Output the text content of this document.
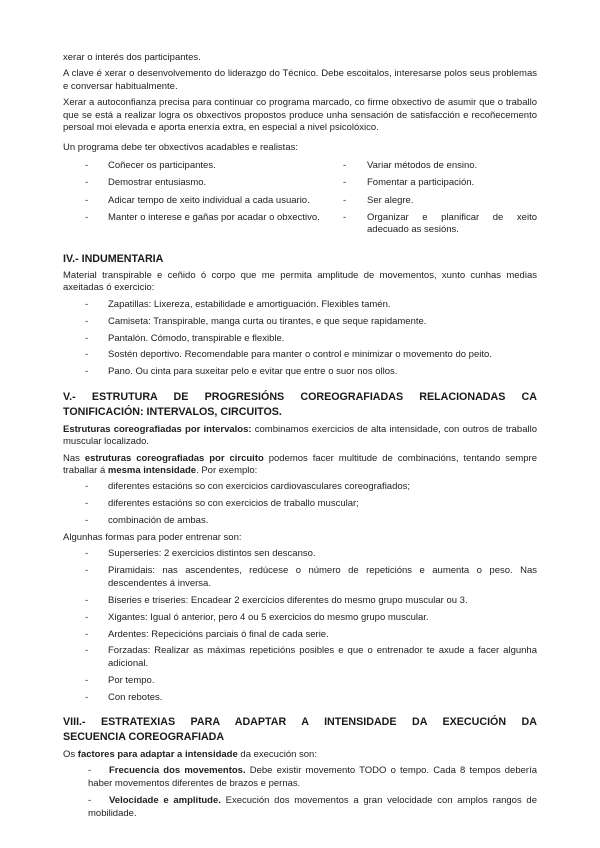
xerar o interés dos participantes.

A clave é xerar o desenvolvemento do liderazgo do Técnico. Debe escoitalos, interesarse polos seus problemas e conversar habitualmente.

Xerar a autoconfianza precisa para continuar co programa marcado, co firme obxectivo de asumir que o traballo que se está a realizar logra os obxectivos propostos produce unha sensación de satisfacción e recoñecemento persoal moi elevada e aporta enerxía extra, en especial a nivel psicolóxico.

Un programa debe ter obxectivos acadables e realistas:

- Coñecer os participantes.
- Demostrar entusiasmo.
- Adicar tempo de xeito individual a cada usuario.
- Manter o interese e gañas por acadar o obxectivo.
- Variar métodos de ensino.
- Fomentar a participación.
- Ser alegre.
- Organizar e planificar de xeito adecuado as sesións.
IV.- INDUMENTARIA

Material transpirable e ceñido ó corpo que me permita amplitude de movementos, xunto cunhas medias axeitadas ó exercicio:

- Zapatillas: Lixereza, estabilidade e amortiguación. Flexibles tamén.
- Camiseta: Transpirable, manga curta ou tirantes, e que seque rapidamente.
- Pantalón. Cómodo, transpirable e flexible.
- Sostén deportivo. Recomendable para manter o control e minimizar o movemento do peito.
- Pano. Ou cinta para suxeitar pelo e evitar que entre o suor nos ollos.
V.- ESTRUTURA DE PROGRESIÓNS COREOGRAFIADAS RELACIONADAS CA
TONIFICACIÓN: INTERVALOS, CIRCUITOS.

Estruturas coreografiadas por intervalos: combinamos exercicios de alta intensidade, con outros de traballo muscular localizado.

Nas estruturas coreografiadas por circuito podemos facer multitude de combinacións, tentando sempre traballar á mesma intensidade. Por exemplo:

- diferentes estacións so con exercicios cardiovasculares coreografiados;
- diferentes estacións so con exercicios de traballo muscular;
- combinación de ambas.

Algunhas formas para poder entrenar son:

- Superseries: 2 exercicios distintos sen descanso.
- Piramidais: nas ascendentes, redúcese o número de repeticións e aumenta o peso. Nas descendentes á inversa.
- Biseries e triseries: Encadear 2 exercicios diferentes do mesmo grupo muscular ou 3.
- Xigantes: Igual ó anterior, pero 4 ou 5 exercicios do mesmo grupo muscular.
- Ardentes: Repecicións parciais ó final de cada serie.
- Forzadas: Realizar as máximas repeticións posibles e que o entrenador te axude a facer algunha adicional.
- Por tempo.
- Con rebotes.
VIII.- ESTRATEXIAS PARA ADAPTAR A INTENSIDADE DA EXECUCIÓN DA
SECUENCIA COREOGRAFIADA

Os factores para adaptar a intensidade da execución son:

- Frecuencia dos movementos. Debe existir movemento TODO o tempo. Cada 8 tempos debería haber movementos diferentes de brazos e pernas.
- Velocidade e amplitude. Execución dos movementos a gran velocidade con amplos rangos de mobilidade.
